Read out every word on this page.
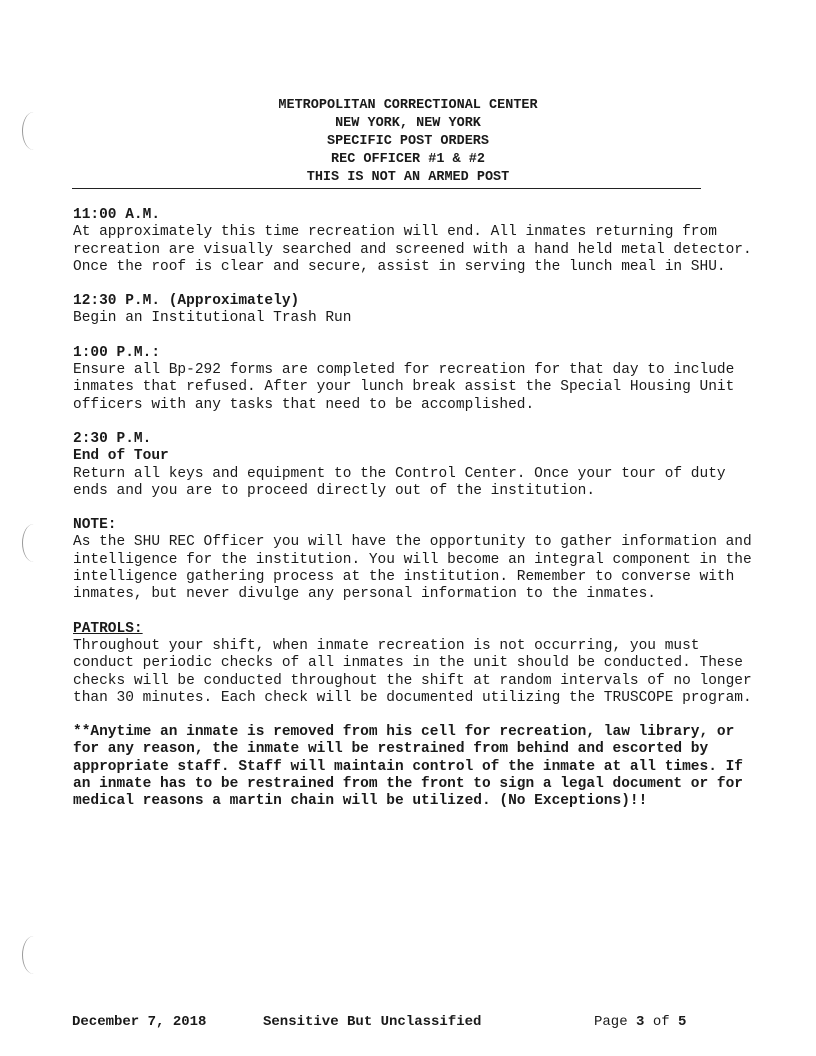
METROPOLITAN CORRECTIONAL CENTER
NEW YORK, NEW YORK
SPECIFIC POST ORDERS
REC OFFICER #1 & #2
THIS IS NOT AN ARMED POST

11:00 A.M.

At approximately this time recreation will end. All inmates returning from recreation are visually searched and screened with a hand held metal detector. Once the roof is clear and secure, assist in serving the lunch meal in SHU.

12:30 P.M. (Approximately)

Begin an Institutional Trash Run

1:00 P.M.:

Ensure all Bp-292 forms are completed for recreation for that day to include inmates that refused. After your lunch break assist the Special Housing Unit officers with any tasks that need to be accomplished.

2:30 P.M.

End of Tour

Return all keys and equipment to the Control Center. Once your tour of duty ends and you are to proceed directly out of the institution.

NOTE:

As the SHU REC Officer you will have the opportunity to gather information and intelligence for the institution. You will become an integral component in the intelligence gathering process at the institution. Remember to converse with inmates, but never divulge any personal information to the inmates.

PATROLS:

Throughout your shift, when inmate recreation is not occurring, you must conduct periodic checks of all inmates in the unit should be conducted. These checks will be conducted throughout the shift at random intervals of no longer than 30 minutes. Each check will be documented utilizing the TRUSCOPE program.

**Anytime an inmate is removed from his cell for recreation, law library, or for any reason, the inmate will be restrained from behind and escorted by appropriate staff. Staff will maintain control of the inmate at all times. If an inmate has to be restrained from the front to sign a legal document or for medical reasons a martin chain will be utilized. (No Exceptions)!!

December 7, 2018	Sensitive But Unclassified	Page 3 of 5
